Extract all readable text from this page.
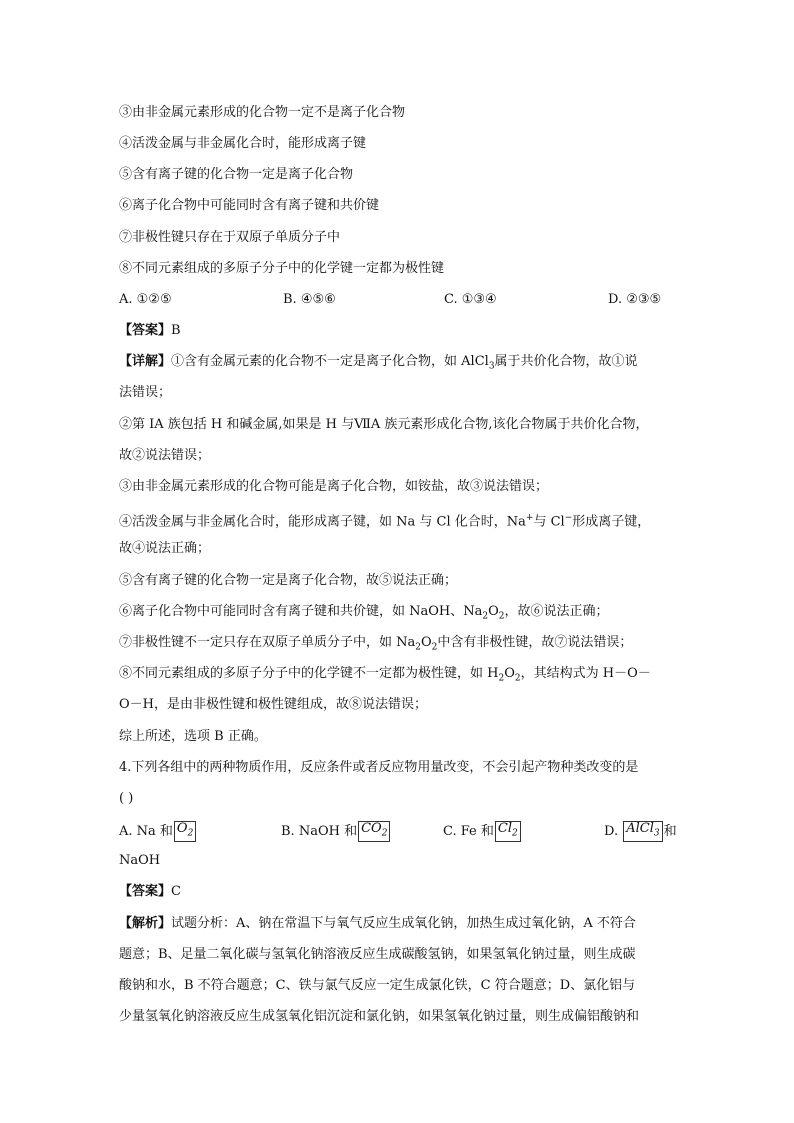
③由非金属元素形成的化合物一定不是离子化合物
④活泼金属与非金属化合时，能形成离子键
⑤含有离子键的化合物一定是离子化合物
⑥离子化合物中可能同时含有离子键和共价键
⑦非极性键只存在于双原子单质分子中
⑧不同元素组成的多原子分子中的化学键一定都为极性键
A. ①②⑤	B. ④⑤⑥	C. ①③④	D. ②③⑤
【答案】B
【详解】①含有金属元素的化合物不一定是离子化合物，如 AlCl$_3$属于共价化合物，故①说
法错误；
②第 IA 族包括 H 和碱金属,如果是 H 与ⅦA 族元素形成化合物,该化合物属于共价化合物，
故②说法错误；
③由非金属元素形成的化合物可能是离子化合物，如铵盐，故③说法错误；
④活泼金属与非金属化合时，能形成离子键，如 Na 与 Cl 化合时，Na+与 Cl−形成离子键，
故④说法正确；
⑤含有离子键的化合物一定是离子化合物，故⑤说法正确；
⑥离子化合物中可能同时含有离子键和共价键，如 NaOH、$Na_2O_2$，故⑥说法正确；
⑦非极性键不一定只存在双原子单质分子中，如 $Na_2O_2$中含有非极性键，故⑦说法错误；
⑧不同元素组成的多原子分子中的化学键不一定都为极性键，如 $H_2O_2$，其结构式为 H－O－
O－H，是由非极性键和极性键组成，故⑧说法错误；
综上所述，选项 B 正确。
4.下列各组中的两种物质作用，反应条件或者反应物用量改变，不会引起产物种类改变的是
( )
A. Na 和 $O_2$	B. NaOH 和 $CO_2$	C. Fe 和 $Cl_2$	D. AlCl$_3$ 和
NaOH
【答案】C
【解析】试题分析：A、钠在常温下与氧气反应生成氧化钠，加热生成过氧化钠，A 不符合
题意；B、足量二氧化碳与氢氧化钠溶液反应生成碳酸氢钠，如果氢氧化钠过量，则生成碳
酸钠和水，B 不符合题意；C、铁与氯气反应一定生成氯化铁，C 符合题意；D、氯化铝与
少量氢氧化钠溶液反应生成氢氧化铝沉淀和氯化钠，如果氢氧化钠过量，则生成偏铝酸钠和
